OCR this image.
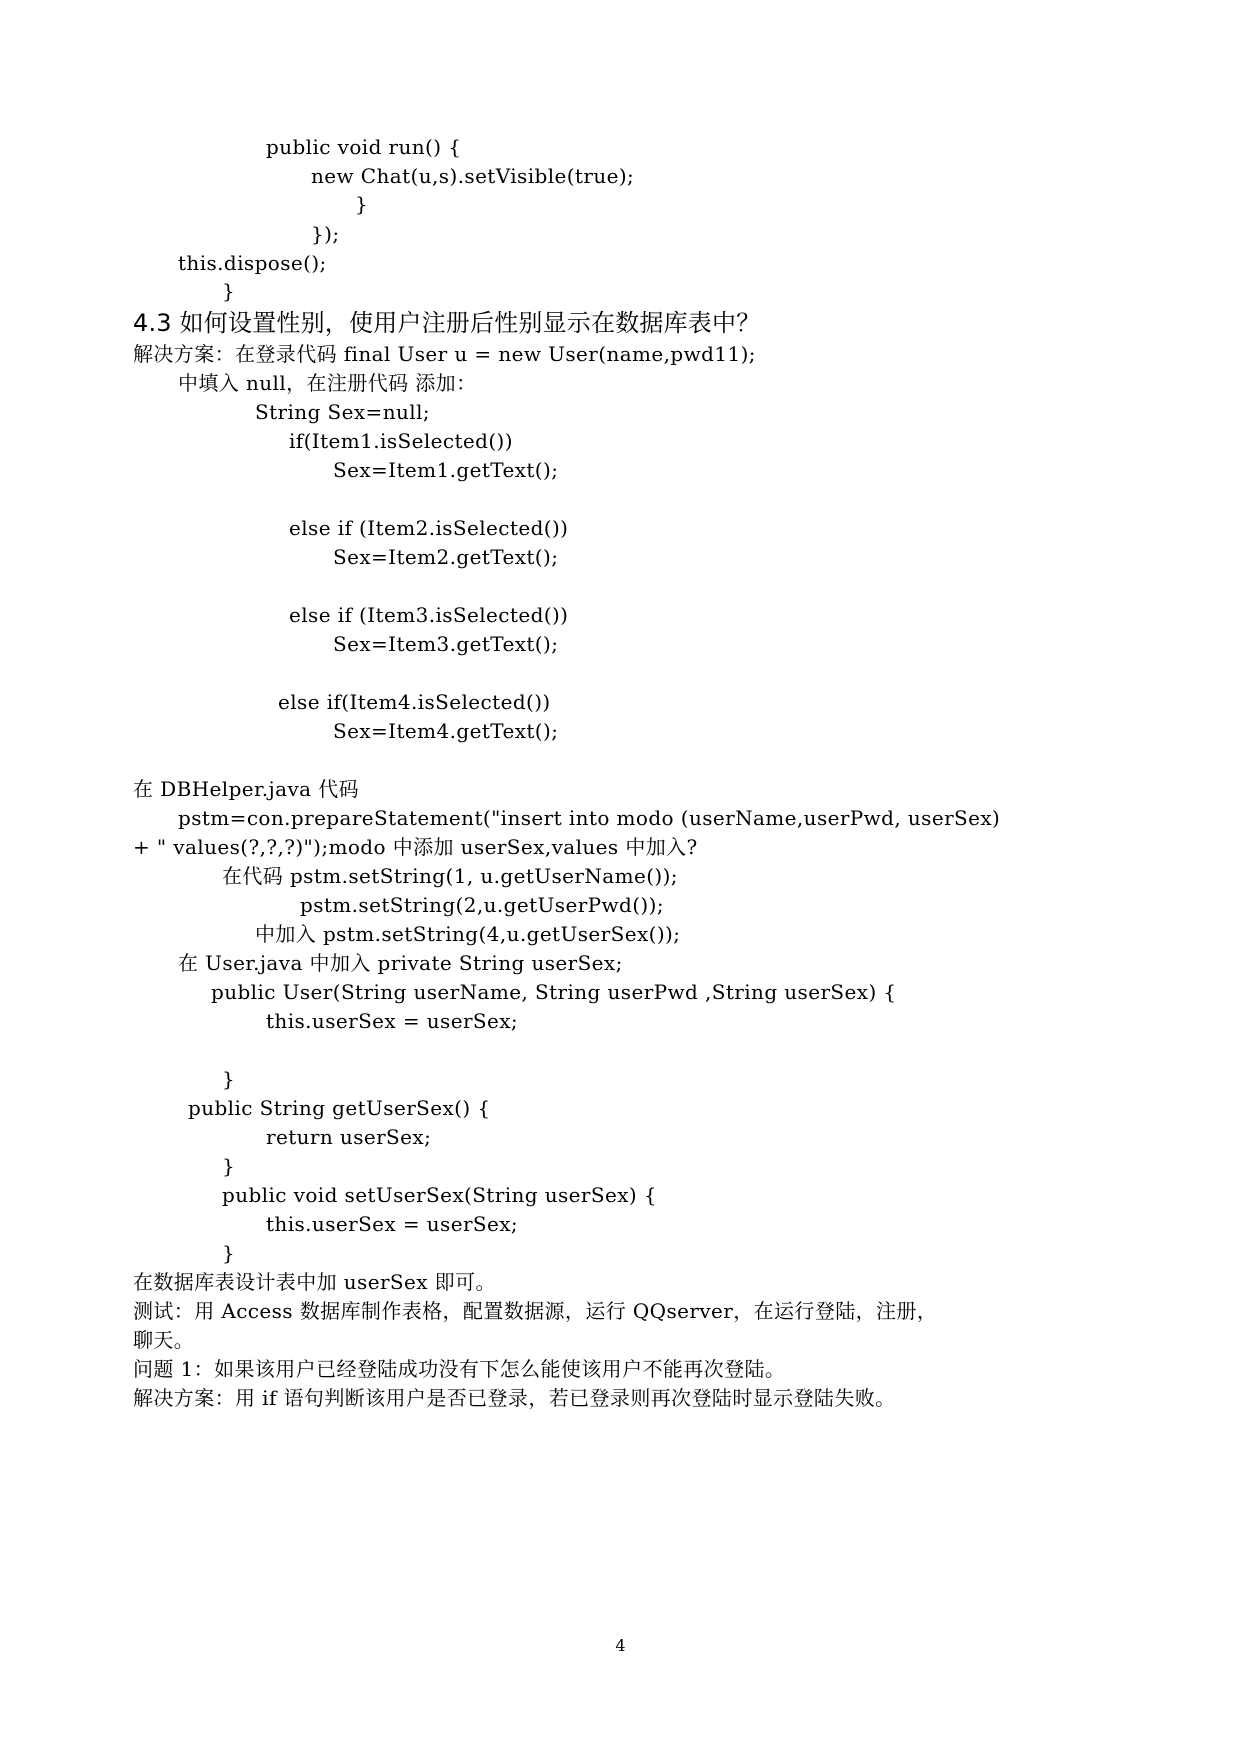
public void run() {
new Chat(u,s).setVisible(true);
}
});
this.dispose();
}
4.3 如何设置性别，使用户注册后性别显示在数据库表中？
解决方案：在登录代码 final User u = new User(name,pwd11);
中填入 null，在注册代码 添加：
String Sex=null;
if(Item1.isSelected())
Sex=Item1.getText();
else if (Item2.isSelected())
Sex=Item2.getText();
else if (Item3.isSelected())
Sex=Item3.getText();
else if(Item4.isSelected())
Sex=Item4.getText();
在 DBHelper.java 代码
pstm=con.prepareStatement("insert into modo (userName,userPwd, userSex)
+ " values(?,?,?)");modo 中添加 userSex,values 中加入?
在代码 pstm.setString(1, u.getUserName());
pstm.setString(2,u.getUserPwd());
中加入 pstm.setString(4,u.getUserSex());
在 User.java 中加入 private String userSex;
public User(String userName, String userPwd ,String userSex) {
this.userSex = userSex;
}
public String getUserSex() {
return userSex;
}
public void setUserSex(String userSex) {
this.userSex = userSex;
}
在数据库表设计表中加 userSex 即可。
测试：用 Access 数据库制作表格，配置数据源，运行 QQserver，在运行登陆，注册，
聊天。
问题 1：如果该用户已经登陆成功没有下怎么能使该用户不能再次登陆。
解决方案：用 if 语句判断该用户是否已登录，若已登录则再次登陆时显示登陆失败。
4
